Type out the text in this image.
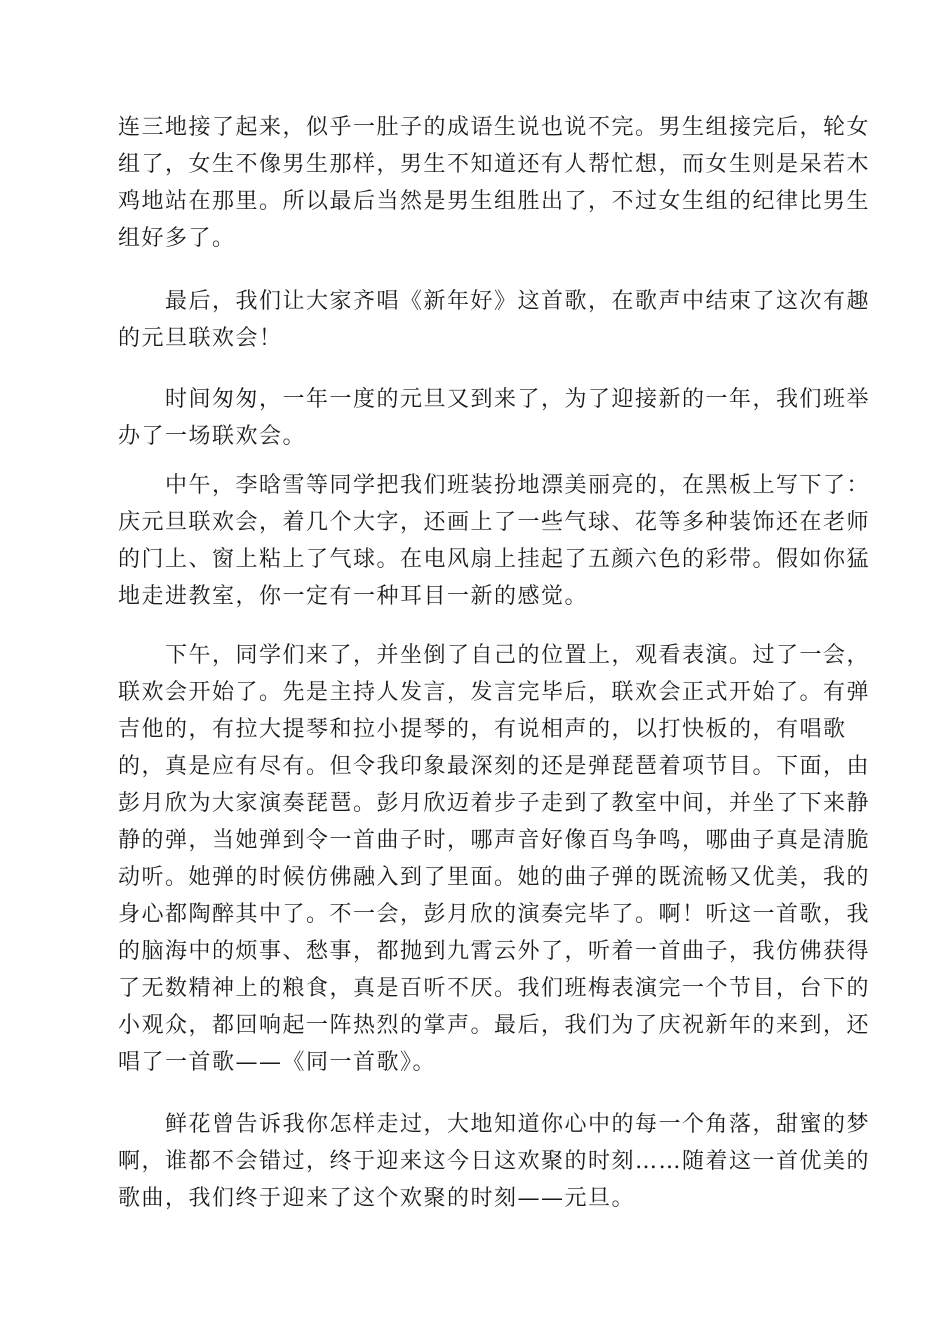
连三地接了起来，似乎一肚子的成语生说也说不完。男生组接完后，轮女
组了，女生不像男生那样，男生不知道还有人帮忙想，而女生则是呆若木
鸡地站在那里。所以最后当然是男生组胜出了，不过女生组的纪律比男生
组好多了。
最后，我们让大家齐唱《新年好》这首歌，在歌声中结束了这次有趣
的元旦联欢会！
时间匆匆，一年一度的元旦又到来了，为了迎接新的一年，我们班举
办了一场联欢会。
中午，李晗雪等同学把我们班装扮地漂美丽亮的，在黑板上写下了：
庆元旦联欢会，着几个大字，还画上了一些气球、花等多种装饰还在老师
的门上、窗上粘上了气球。在电风扇上挂起了五颜六色的彩带。假如你猛
地走进教室，你一定有一种耳目一新的感觉。
下午，同学们来了，并坐倒了自己的位置上，观看表演。过了一会，
联欢会开始了。先是主持人发言，发言完毕后，联欢会正式开始了。有弹
吉他的，有拉大提琴和拉小提琴的，有说相声的，以打快板的，有唱歌
的，真是应有尽有。但令我印象最深刻的还是弹琵琶着项节目。下面，由
彭月欣为大家演奏琵琶。彭月欣迈着步子走到了教室中间，并坐了下来静
静的弹，当她弹到令一首曲子时，哪声音好像百鸟争鸣，哪曲子真是清脆
动听。她弹的时候仿佛融入到了里面。她的曲子弹的既流畅又优美，我的
身心都陶醉其中了。不一会，彭月欣的演奏完毕了。啊！听这一首歌，我
的脑海中的烦事、愁事，都抛到九霄云外了，听着一首曲子，我仿佛获得
了无数精神上的粮食，真是百听不厌。我们班梅表演完一个节目，台下的
小观众，都回响起一阵热烈的掌声。最后，我们为了庆祝新年的来到，还
唱了一首歌——《同一首歌》。
鲜花曾告诉我你怎样走过，大地知道你心中的每一个角落，甜蜜的梦
啊，谁都不会错过，终于迎来这今日这欢聚的时刻……随着这一首优美的
歌曲，我们终于迎来了这个欢聚的时刻——元旦。
